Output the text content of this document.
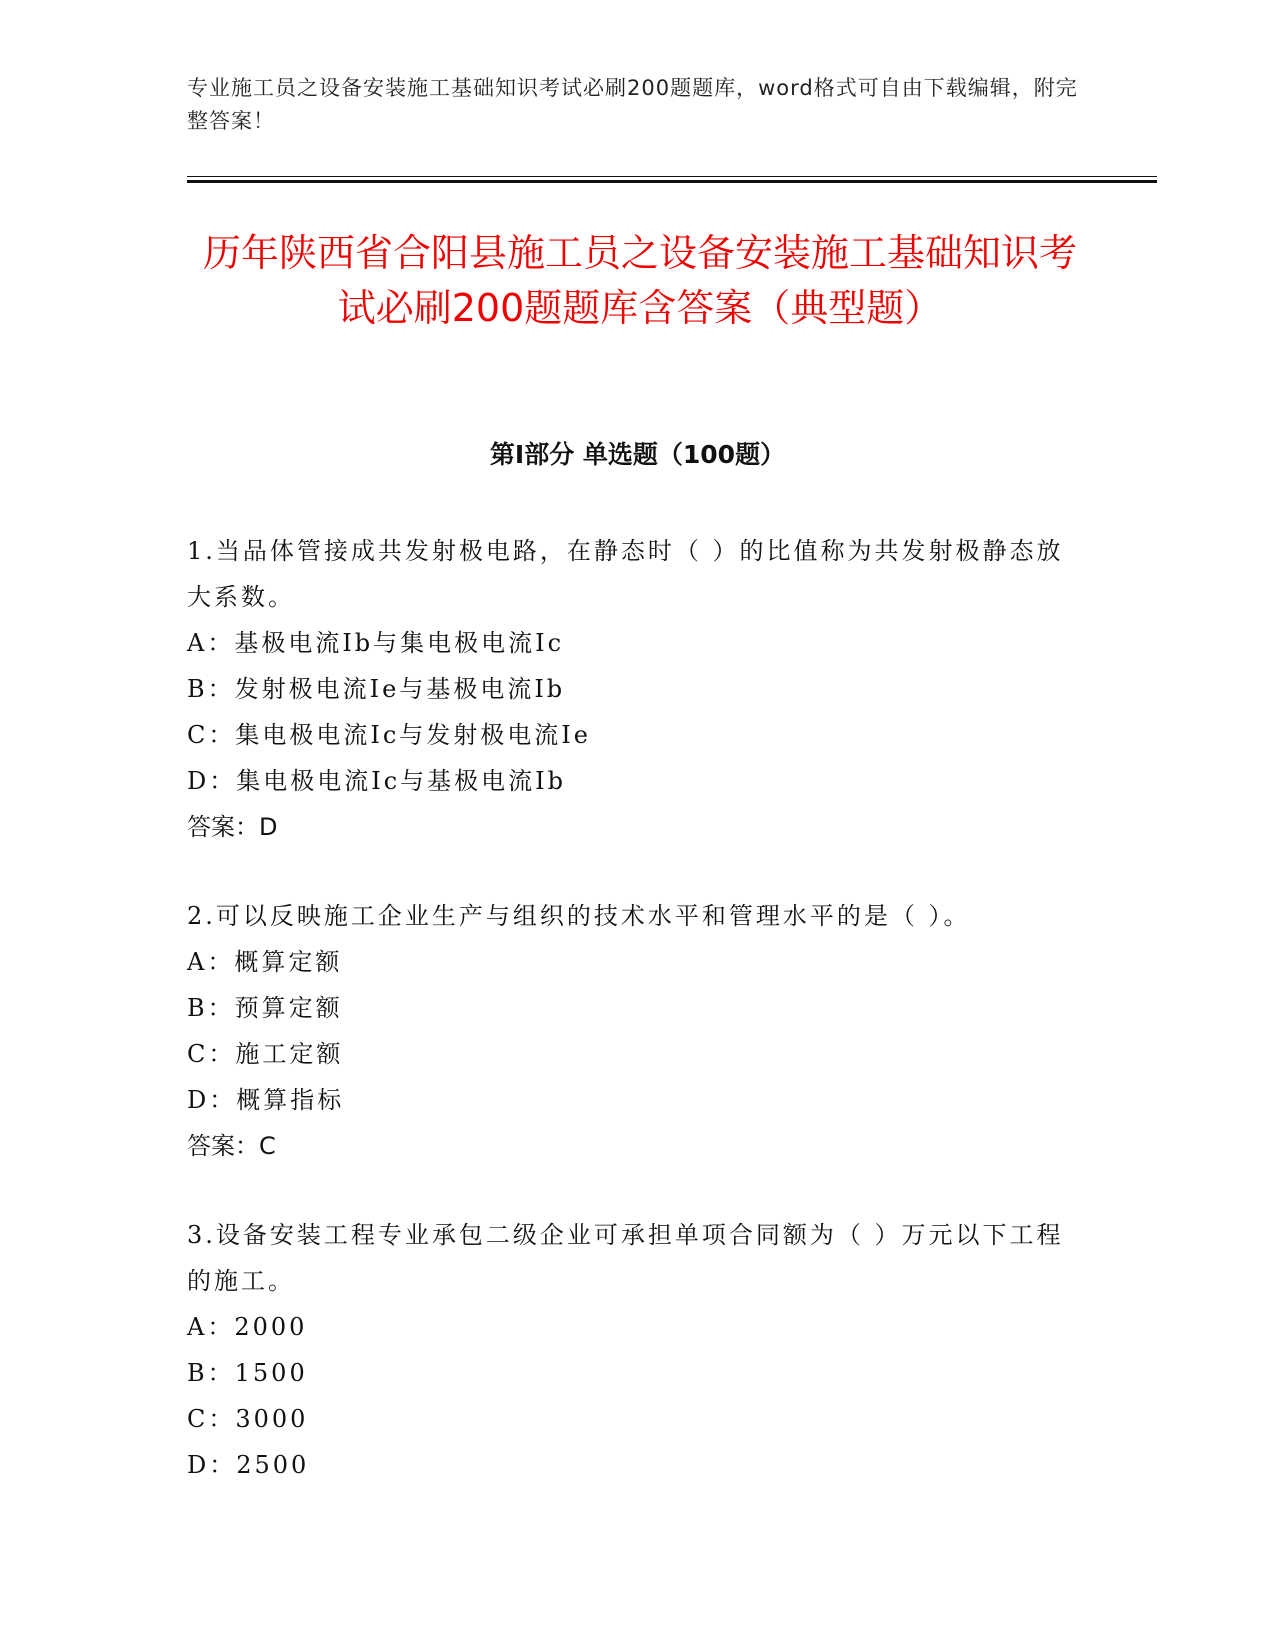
专业施工员之设备安装施工基础知识考试必刷200题题库，word格式可自由下载编辑，附完整答案！
历年陕西省合阳县施工员之设备安装施工基础知识考试必刷200题题库含答案（典型题）
第I部分 单选题（100题）

1.当品体管接成共发射极电路，在静态时（ ）的比值称为共发射极静态放大系数。

A：基极电流Ib与集电极电流Ic

B：发射极电流Ie与基极电流Ib

C：集电极电流Ic与发射极电流Ie

D：集电极电流Ic与基极电流Ib

答案：D

2.可以反映施工企业生产与组织的技术水平和管理水平的是（ ）。

A：概算定额

B：预算定额

C：施工定额

D：概算指标

答案：C

3.设备安装工程专业承包二级企业可承担单项合同额为（ ）万元以下工程的施工。

A：2000

B：1500

C：3000

D：2500
